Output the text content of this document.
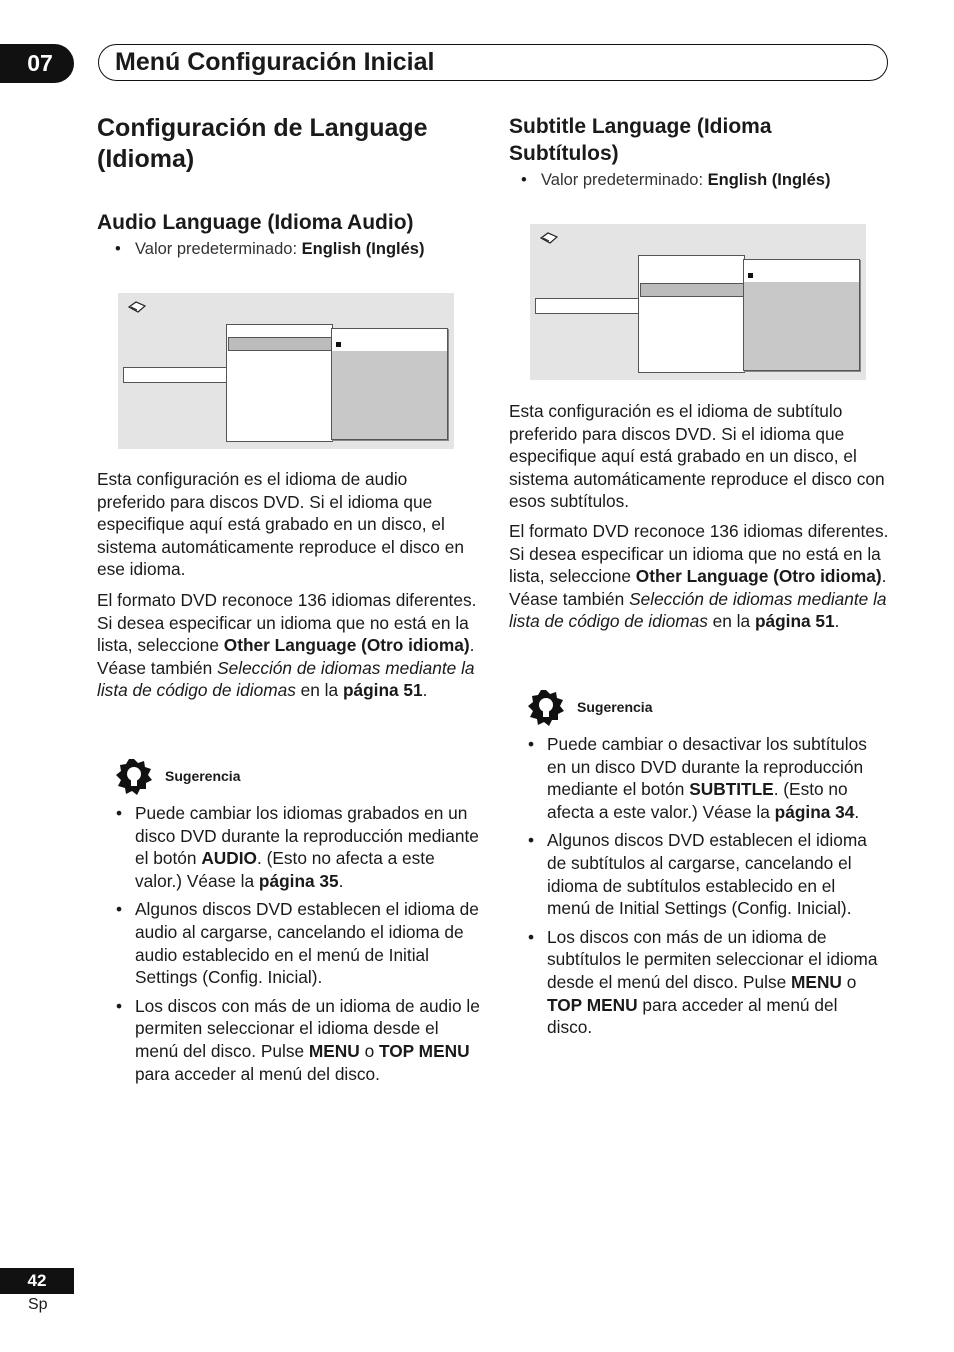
07	Menú Configuración Inicial
Configuración de Language
(Idioma)
Audio Language (Idioma Audio)
• Valor predeterminado: English (Inglés)

Esta configuración es el idioma de audio preferido para discos DVD. Si el idioma que especifique aquí está grabado en un disco, el sistema automáticamente reproduce el disco en ese idioma.

El formato DVD reconoce 136 idiomas diferentes. Si desea especificar un idioma que no está en la lista, seleccione Other Language (Otro idioma). Véase también Selección de idiomas mediante la lista de código de idiomas en la página 51.

Sugerencia
• Puede cambiar los idiomas grabados en un disco DVD durante la reproducción mediante el botón AUDIO. (Esto no afecta a este valor.) Véase la página 35.
• Algunos discos DVD establecen el idioma de audio al cargarse, cancelando el idioma de audio establecido en el menú de Initial Settings (Config. Inicial).
• Los discos con más de un idioma de audio le permiten seleccionar el idioma desde el menú del disco. Pulse MENU o TOP MENU para acceder al menú del disco.
Subtitle Language (Idioma
Subtítulos)
• Valor predeterminado: English (Inglés)

Esta configuración es el idioma de subtítulo preferido para discos DVD. Si el idioma que especifique aquí está grabado en un disco, el sistema automáticamente reproduce el disco con esos subtítulos.

El formato DVD reconoce 136 idiomas diferentes. Si desea especificar un idioma que no está en la lista, seleccione Other Language (Otro idioma). Véase también Selección de idiomas mediante la lista de código de idiomas en la página 51.

Sugerencia
• Puede cambiar o desactivar los subtítulos en un disco DVD durante la reproducción mediante el botón SUBTITLE. (Esto no afecta a este valor.) Véase la página 34.
• Algunos discos DVD establecen el idioma de subtítulos al cargarse, cancelando el idioma de subtítulos establecido en el menú de Initial Settings (Config. Inicial).
• Los discos con más de un idioma de subtítulos le permiten seleccionar el idioma desde el menú del disco. Pulse MENU o TOP MENU para acceder al menú del disco.
42
Sp
